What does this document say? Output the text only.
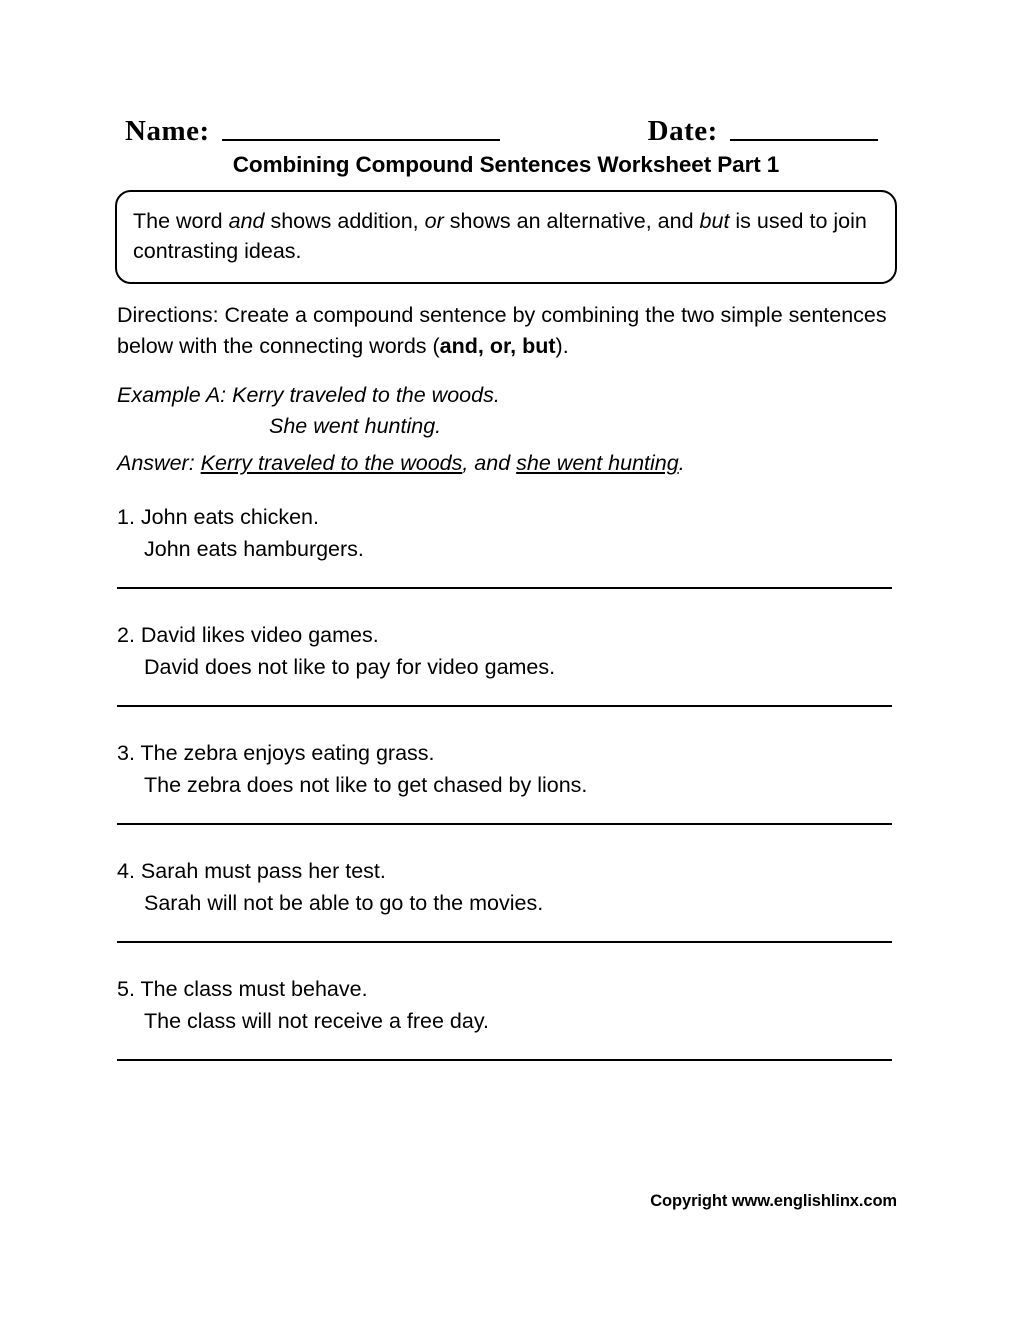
Name:	Date:
Combining Compound Sentences Worksheet Part 1
The word and shows addition, or shows an alternative, and but is used to join contrasting ideas.
Directions: Create a compound sentence by combining the two simple sentences below with the connecting words (and, or, but).
Example A: Kerry traveled to the woods.
She went hunting.
Answer: Kerry traveled to the woods, and she went hunting.
1. John eats chicken.
John eats hamburgers.
2. David likes video games.
David does not like to pay for video games.
3. The zebra enjoys eating grass.
The zebra does not like to get chased by lions.
4. Sarah must pass her test.
Sarah will not be able to go to the movies.
5. The class must behave.
The class will not receive a free day.
Copyright www.englishlinx.com
